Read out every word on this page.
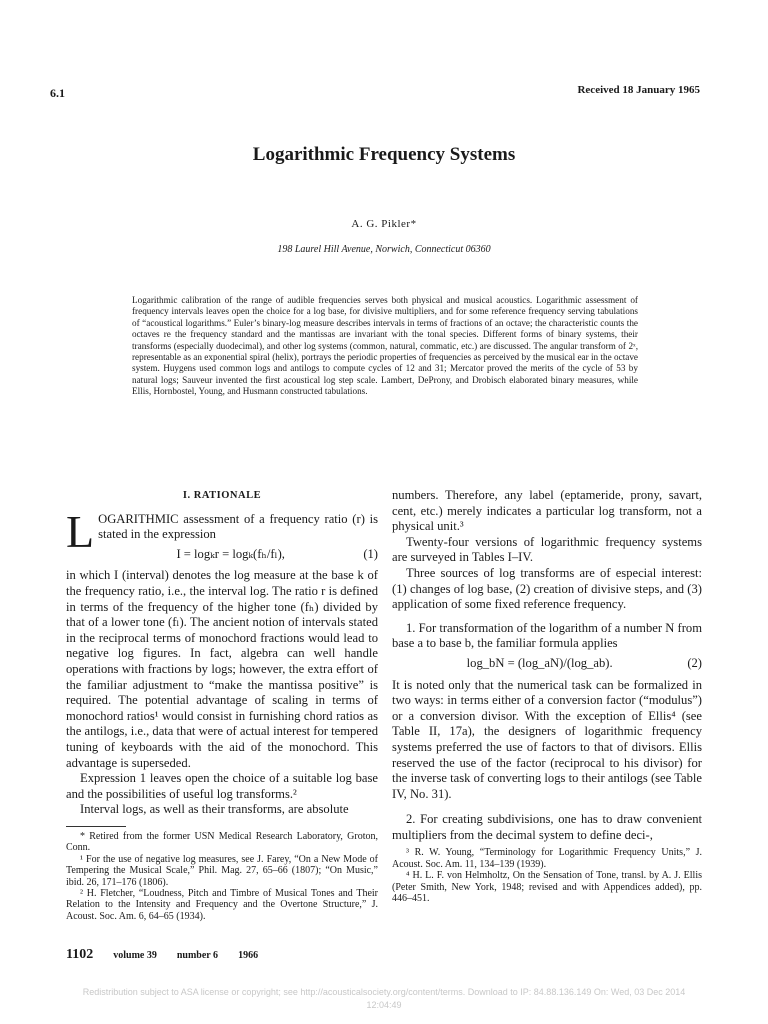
6.1	Received 18 January 1965
Logarithmic Frequency Systems
A. G. Pikler*
198 Laurel Hill Avenue, Norwich, Connecticut 06360
Logarithmic calibration of the range of audible frequencies serves both physical and musical acoustics. Logarithmic assessment of frequency intervals leaves open the choice for a log base, for divisive multipliers, and for some reference frequency serving tabulations of “acoustical logarithms.” Euler’s binary-log measure describes intervals in terms of fractions of an octave; the characteristic counts the octaves re the frequency standard and the mantissas are invariant with the tonal species. Different forms of binary systems, their transforms (especially duodecimal), and other log systems (common, natural, commatic, etc.) are discussed. The angular transform of 2ˣ, representable as an exponential spiral (helix), portrays the periodic properties of frequencies as perceived by the musical ear in the octave system. Huygens used common logs and antilogs to compute cycles of 12 and 31; Mercator proved the merits of the cycle of 53 by natural logs; Sauveur invented the first acoustical log step scale. Lambert, DeProny, and Drobisch elaborated binary measures, while Ellis, Hornbostel, Young, and Husmann constructed tabulations.

I. RATIONALE

LOGARITHMIC assessment of a frequency ratio (r) is stated in the expression

I = logₖr = logₖ(fₕ/fₗ),	(1)

in which I (interval) denotes the log measure at the base k of the frequency ratio, i.e., the interval log. The ratio r is defined in terms of the frequency of the higher tone (fₕ) divided by that of a lower tone (fₗ). The ancient notion of intervals stated in the reciprocal terms of monochord fractions would lead to negative log figures. In fact, algebra can well handle operations with fractions by logs; however, the extra effort of the familiar adjustment to “make the mantissa positive” is required. The potential advantage of scaling in terms of monochord ratios¹ would consist in furnishing chord ratios as the antilogs, i.e., data that were of actual interest for tempered tuning of keyboards with the aid of the monochord. This advantage is superseded.

Expression 1 leaves open the choice of a suitable log base and the possibilities of useful log transforms.²

Interval logs, as well as their transforms, are absolute

* Retired from the former USN Medical Research Laboratory, Groton, Conn.

¹ For the use of negative log measures, see J. Farey, “On a New Mode of Tempering the Musical Scale,” Phil. Mag. 27, 65–66 (1807); “On Music,” ibid. 26, 171–176 (1806).

² H. Fletcher, “Loudness, Pitch and Timbre of Musical Tones and Their Relation to the Intensity and Frequency and the Overtone Structure,” J. Acoust. Soc. Am. 6, 64–65 (1934).

numbers. Therefore, any label (eptameride, prony, savart, cent, etc.) merely indicates a particular log transform, not a physical unit.³

Twenty-four versions of logarithmic frequency systems are surveyed in Tables I–IV.

Three sources of log transforms are of especial interest: (1) changes of log base, (2) creation of divisive steps, and (3) application of some fixed reference frequency.

1. For transformation of the logarithm of a number N from base a to base b, the familiar formula applies

log_bN = (log_aN)/(log_ab).	(2)

It is noted only that the numerical task can be formalized in two ways: in terms either of a conversion factor (“modulus”) or a conversion divisor. With the exception of Ellis⁴ (see Table II, 17a), the designers of logarithmic frequency systems preferred the use of factors to that of divisors. Ellis reserved the use of the factor (reciprocal to his divisor) for the inverse task of converting logs to their antilogs (see Table IV, No. 31).

2. For creating subdivisions, one has to draw convenient multipliers from the decimal system to define deci-,

³ R. W. Young, “Terminology for Logarithmic Frequency Units,” J. Acoust. Soc. Am. 11, 134–139 (1939).

⁴ H. L. F. von Helmholtz, On the Sensation of Tone, transl. by A. J. Ellis (Peter Smith, New York, 1948; revised and with Appendices added), pp. 446–451.

1102 volume 39 number 6 1966
Redistribution subject to ASA license or copyright; see http://acousticalsociety.org/content/terms. Download to IP: 84.88.136.149 On: Wed, 03 Dec 2014
12:04:49
